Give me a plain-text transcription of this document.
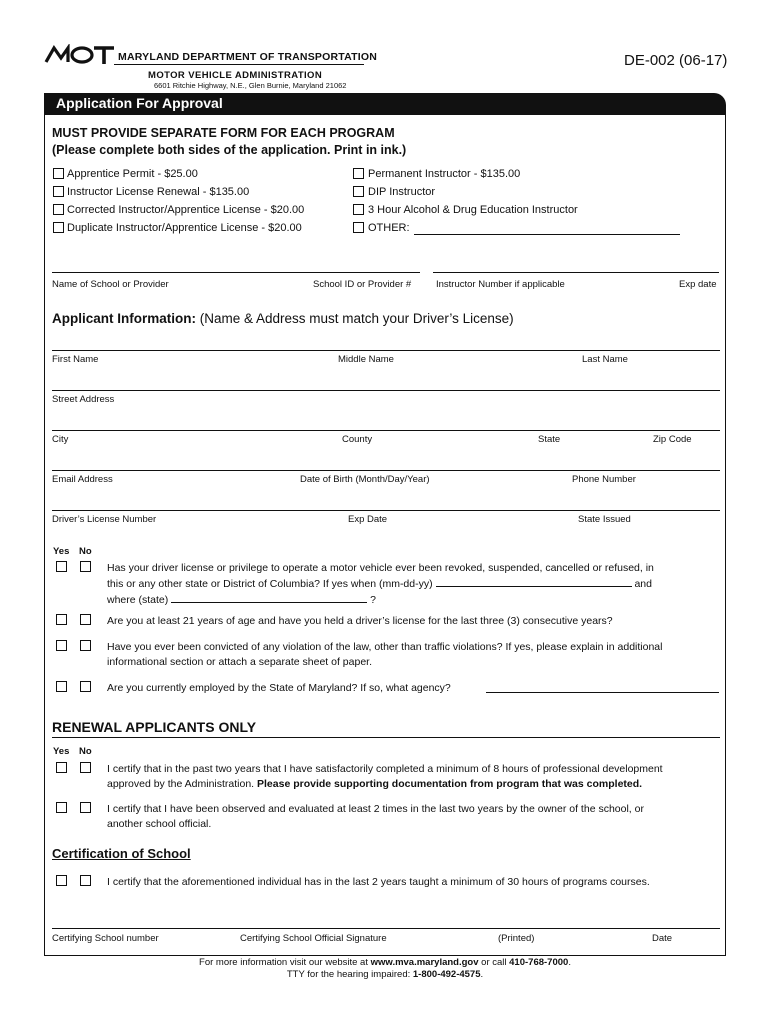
MARYLAND DEPARTMENT OF TRANSPORTATION
MOTOR VEHICLE ADMINISTRATION
6601 Ritchie Highway, N.E., Glen Burnie, Maryland 21062
DE-002 (06-17)
Application For Approval
MUST PROVIDE SEPARATE FORM FOR EACH PROGRAM
(Please complete both sides of the application. Print in ink.)
Apprentice Permit - $25.00
Instructor License Renewal - $135.00
Corrected Instructor/Apprentice License - $20.00
Duplicate Instructor/Apprentice License - $20.00
Permanent Instructor - $135.00
DIP Instructor
3 Hour Alcohol & Drug Education Instructor
OTHER:
Name of School or Provider	School ID or Provider #	Instructor Number if applicable	Exp date
Applicant Information: (Name & Address must match your Driver’s License)
First Name	Middle Name	Last Name
Street Address
City	County	State	Zip Code
Email Address	Date of Birth (Month/Day/Year)	Phone Number
Driver’s License Number	Exp Date	State Issued
Yes No
Has your driver license or privilege to operate a motor vehicle ever been revoked, suspended, cancelled or refused, in
this or any other state or District of Columbia? If yes when (mm-dd-yy)	and
where (state)	?
Are you at least 21 years of age and have you held a driver’s license for the last three (3) consecutive years?
Have you ever been convicted of any violation of the law, other than traffic violations? If yes, please explain in additional
informational section or attach a separate sheet of paper.
Are you currently employed by the State of Maryland? If so, what agency?
RENEWAL APPLICANTS ONLY
Yes No
I certify that in the past two years that I have satisfactorily completed a minimum of 8 hours of professional development
approved by the Administration. Please provide supporting documentation from program that was completed.
I certify that I have been observed and evaluated at least 2 times in the last two years by the owner of the school, or
another school official.
Certification of School
I certify that the aforementioned individual has in the last 2 years taught a minimum of 30 hours of programs courses.
Certifying School number	Certifying School Official Signature	(Printed)	Date
For more information visit our website at www.mva.maryland.gov or call 410-768-7000.
TTY for the hearing impaired: 1-800-492-4575.
